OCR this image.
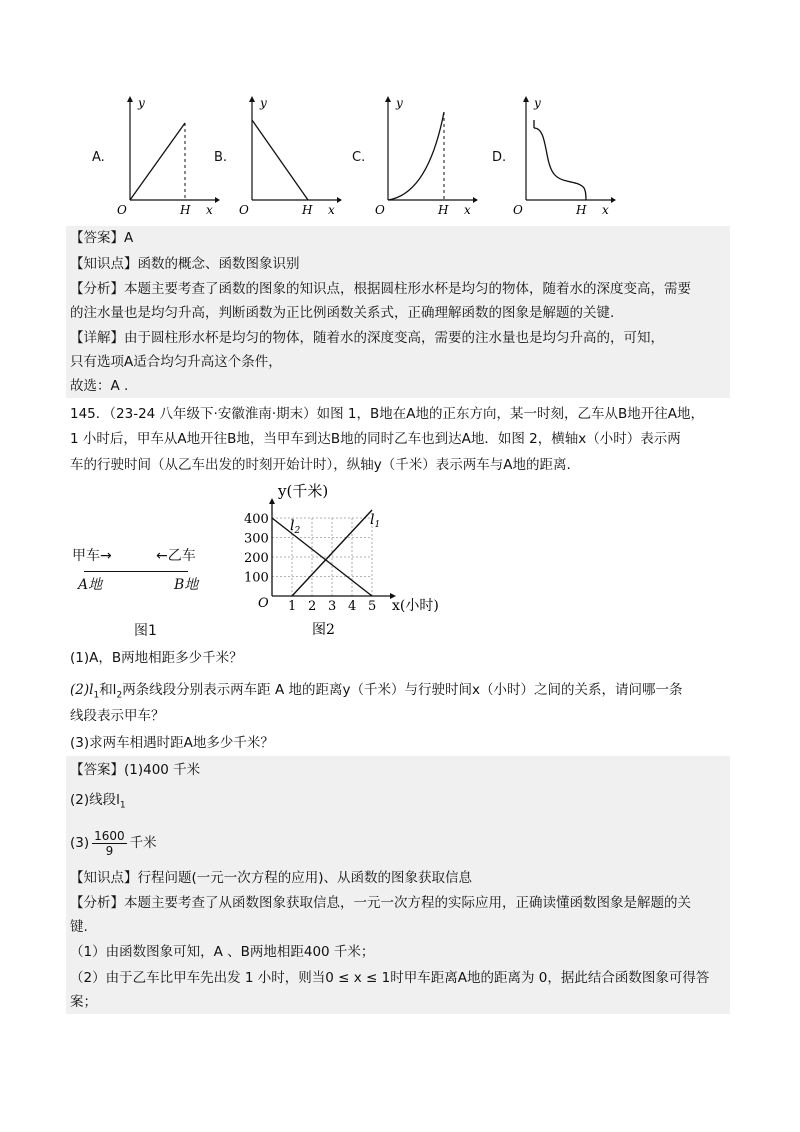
A.
y
O	H x
B.
y
O	H x
C.
y
O	H x
D.
y
O	H x
【答案】A
【知识点】函数的概念、函数图象识别
【分析】本题主要考查了函数的图象的知识点，根据圆柱形水杯是均匀的物体，随着水的深度变高，需要
的注水量也是均匀升高，判断函数为正比例函数关系式，正确理解函数的图象是解题的关键.
【详解】由于圆柱形水杯是均匀的物体，随着水的深度变高，需要的注水量也是均匀升高的，可知，
只有选项A适合均匀升高这个条件，
故选：A .
145．（23-24 八年级下·安徽淮南·期末）如图 1，B地在A地的正东方向，某一时刻，乙车从B地开往A地，
1 小时后，甲车从A地开往B地，当甲车到达B地的同时乙车也到达A地．如图 2，横轴x（小时）表示两
车的行驶时间（从乙车出发的时刻开始计时），纵轴y（千米）表示两车与A地的距离.
甲车→	←乙车
A地	B地
图1
400
300
200
100
1 2 3 4 5
y(千米)
x(小时)
O
$l_1$
$l_2$
图2
(1)A，B两地相距多少千米？
$(2)l_1$和$l_2$两条线段分别表示两车距 A 地的距离y（千米）与行驶时间x（小时）之间的关系，请问哪一条
线段表示甲车？
(3)求两车相遇时距A地多少千米？
【答案】(1)400 千米
(2)线段$l_1$
$(3) \frac{1600}{9}$ 千米
【知识点】行程问题(一元一次方程的应用)、从函数的图象获取信息
【分析】本题主要考查了从函数图象获取信息，一元一次方程的实际应用，正确读懂函数图象是解题的关
键.
（1）由函数图象可知，A 、B两地相距400 千米；
（2）由于乙车比甲车先出发 1 小时，则当0 ≤ x ≤ 1时甲车距离A地的距离为 0，据此结合函数图象可得答
案；
